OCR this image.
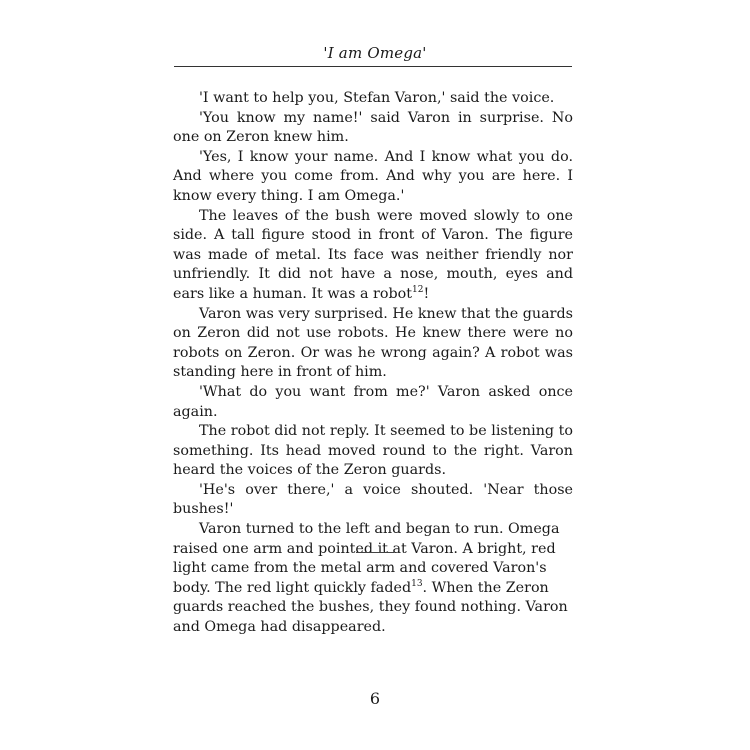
'I am Omega'

'I want to help you, Stefan Varon,' said the voice.

'You know my name!' said Varon in surprise. No one on Zeron knew him.

'Yes, I know your name. And I know what you do. And where you come from. And why you are here. I know every thing. I am Omega.'

The leaves of the bush were moved slowly to one side. A tall figure stood in front of Varon. The figure was made of metal. Its face was neither friendly nor unfriendly. It did not have a nose, mouth, eyes and ears like a human. It was a robot$^{12}$!

Varon was very surprised. He knew that the guards on Zeron did not use robots. He knew there were no robots on Zeron. Or was he wrong again? A robot was standing here in front of him.

'What do you want from me?' Varon asked once again.

The robot did not reply. It seemed to be listening to something. Its head moved round to the right. Varon heard the voices of the Zeron guards.

'He's over there,' a voice shouted. 'Near those bushes!'

Varon turned to the left and began to run. Omega raised one arm and pointed it at Varon. A bright, red light came from the metal arm and covered Varon's body. The red light quickly faded$^{13}$. When the Zeron guards reached the bushes, they found nothing. Varon and Omega had disappeared.

6
